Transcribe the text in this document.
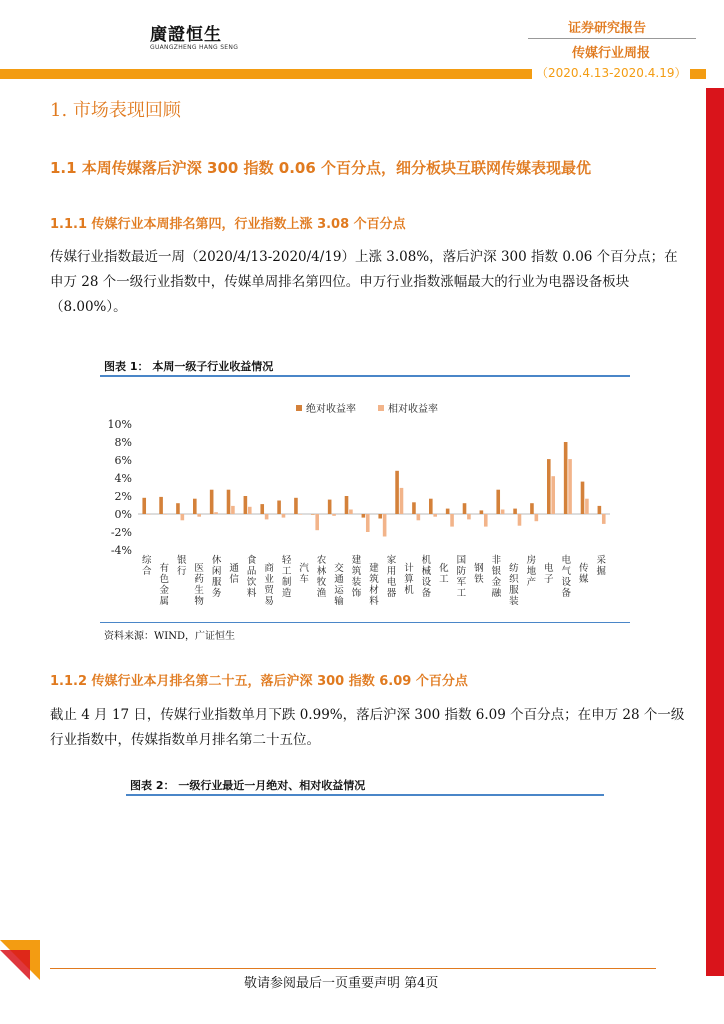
廣證恒生
GUANGZHENG HANG SENG
证券研究报告
传媒行业周报
（2020.4.13-2020.4.19）
1. 市场表现回顾
1.1 本周传媒落后沪深 300 指数 0.06 个百分点，细分板块互联网传媒表现最优
1.1.1 传媒行业本周排名第四，行业指数上涨 3.08 个百分点
传媒行业指数最近一周（2020/4/13-2020/4/19）上涨 3.08%，落后沪深 300 指数 0.06 个百分点；在申万 28 个一级行业指数中，传媒单周排名第四位。申万行业指数涨幅最大的行业为电器设备板块（8.00%）。
图表 1： 本周一级子行业收益情况
10%
8%
6%
4%
2%
0%
-2%
-4%
综
合 有
色
金
属
银
行 医
药
生
物
休
闲
服
务
通
信
食
品
饮
料
商
业
贸
易
轻
工
制
造
汽
车
农
林
牧
渔
交
通
运
输
建
筑
装
饰
建
筑
材
料
家
用
电
器
计
算
机
机
械
设
备
化
工
国
防
军
工
钢
铁
非
银
金
融
纺
织
服
装
房
地
产
电
子
电
气
设
备
传
媒
采
掘
绝对收益率	相对收益率
资料来源：WIND，广证恒生
1.1.2 传媒行业本月排名第二十五，落后沪深 300 指数 6.09 个百分点
截止 4 月 17 日，传媒行业指数单月下跌 0.99%，落后沪深 300 指数 6.09 个百分点；在申万 28 个一级行业指数中，传媒指数单月排名第二十五位。
图表 2： 一级行业最近一月绝对、相对收益情况
敬请参阅最后一页重要声明 第4页
